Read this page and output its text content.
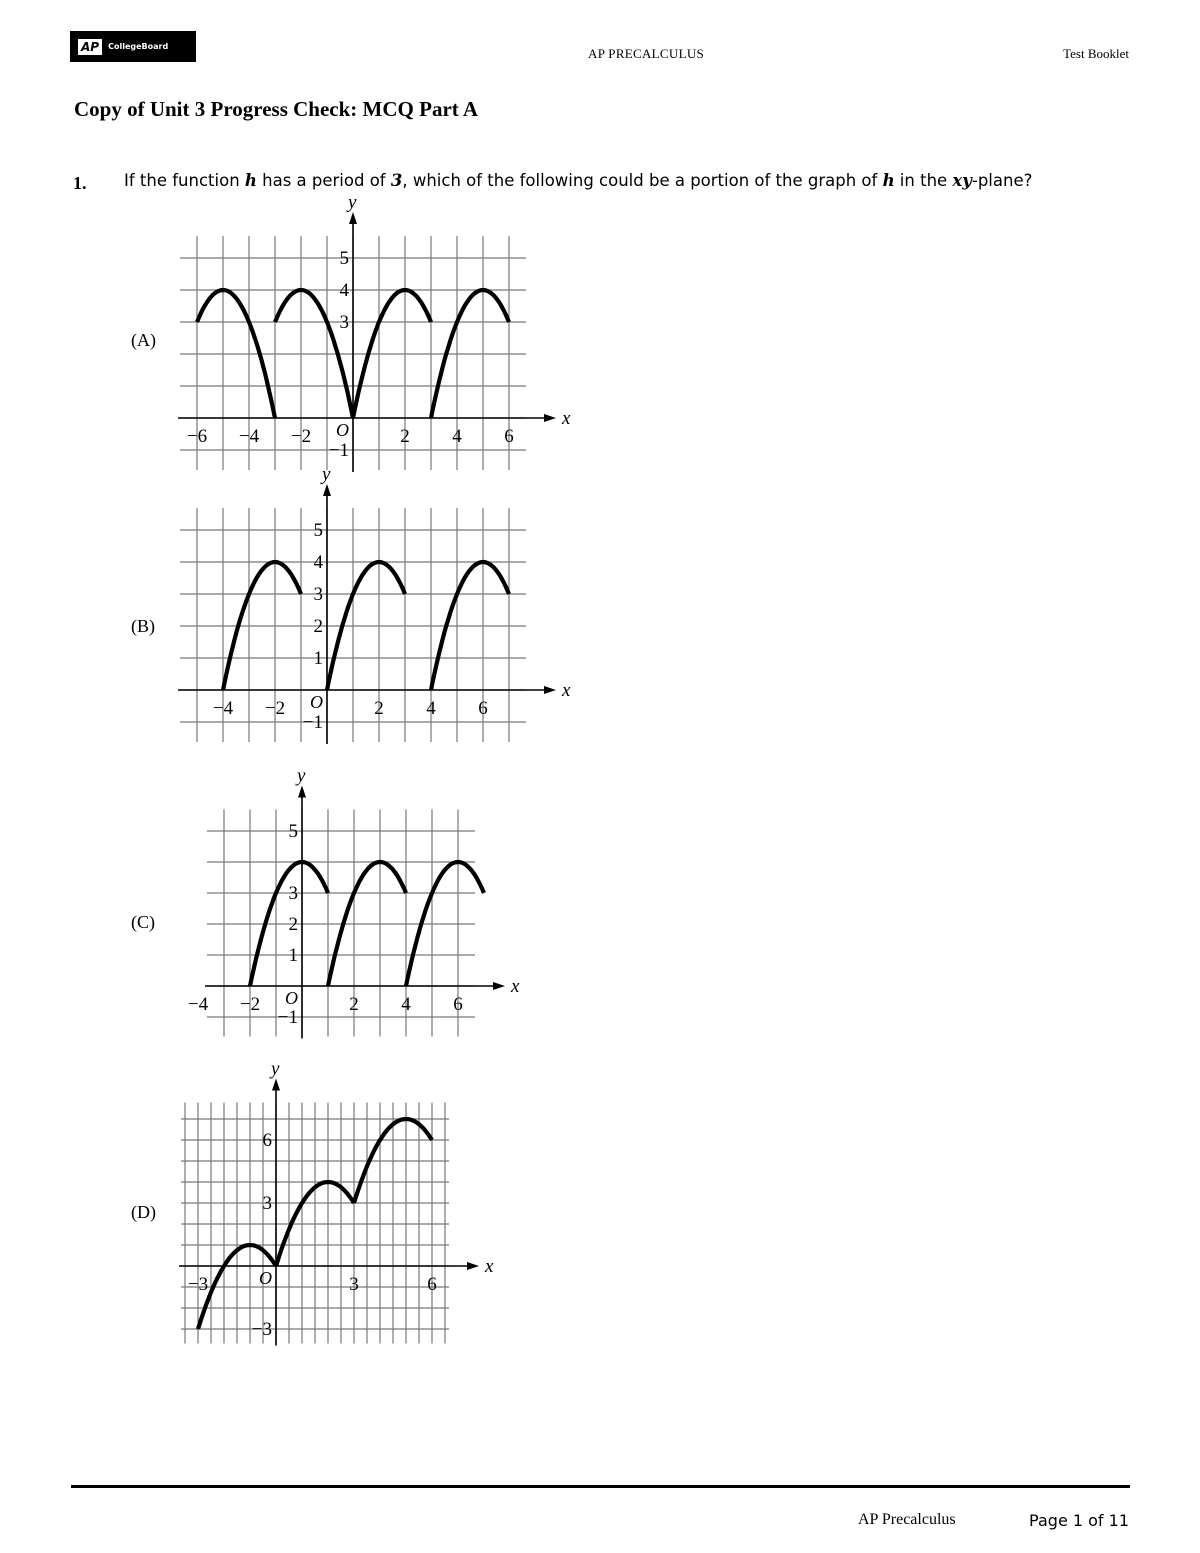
AP	CollegeBoard	AP PRECALCULUS	Test Booklet
Copy of Unit 3 Progress Check: MCQ Part A
1. If the function h has a period of 3, which of the following could be a portion of the graph of h in the xy-plane?
(A)
(B)
(C)
(D)
x
y
O
−6 −4 −2	2 4 6
−1
3
4
5
x
y
O
−4 −2	2 4 6
−1
1
2
3
4
5
x
y
O
−4 −2	2 4 6
−1
1
2
3
5
x
y
O
−3	3	6
−3
3
6
AP Precalculus	Page 1 of 11
